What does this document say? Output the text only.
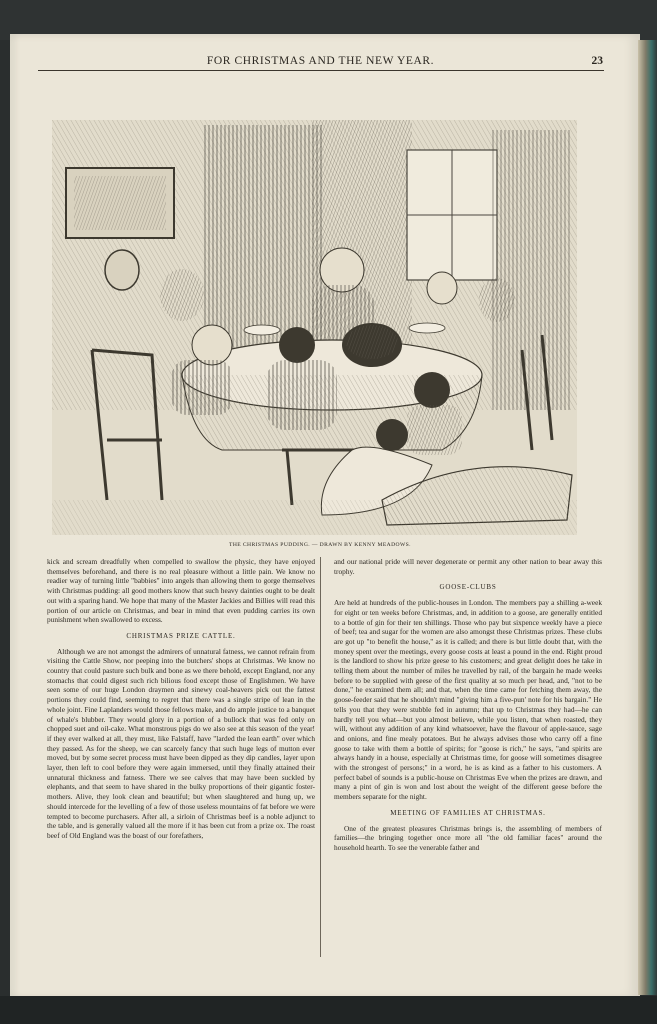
FOR CHRISTMAS AND THE NEW YEAR.	23
THE CHRISTMAS PUDDING. — DRAWN BY KENNY MEADOWS.

kick and scream dreadfully when compelled to swallow the physic, they have enjoyed themselves beforehand, and there is no real pleasure without a little pain. We know no readier way of turning little "babbies" into angels than allowing them to gorge themselves with Christmas pudding: all good mothers know that such heavy dainties ought to be dealt out with a sparing hand. We hope that many of the Master Jackies and Billies will read this portion of our article on Christmas, and bear in mind that even pudding carries its own punishment when swallowed to excess.

CHRISTMAS PRIZE CATTLE.

Although we are not amongst the admirers of unnatural fatness, we cannot refrain from visiting the Cattle Show, nor peeping into the butchers' shops at Christmas. We know no country that could pasture such bulk and bone as we there behold, except England, nor any stomachs that could digest such rich bilious food except those of Englishmen. We have seen some of our huge London draymen and sinewy coal-heavers pick out the fattest portions they could find, seeming to regret that there was a single stripe of lean in the whole joint. Fine Laplanders would those fellows make, and do ample justice to a banquet of whale's blubber. They would glory in a portion of a bullock that was fed only on chopped suet and oil-cake. What monstrous pigs do we also see at this season of the year! if they ever walked at all, they must, like Falstaff, have "larded the lean earth" over which they passed. As for the sheep, we can scarcely fancy that such huge legs of mutton ever moved, but by some secret process must have been dipped as they dip candles, layer upon layer, then left to cool before they were again immersed, until they finally attained their unnatural thickness and fatness. There we see calves that may have been suckled by elephants, and that seem to have shared in the bulky proportions of their gigantic foster-mothers. Alive, they look clean and beautiful; but when slaughtered and hung up, we should intercede for the levelling of a few of those useless mountains of fat before we were tempted to become purchasers. After all, a sirloin of Christmas beef is a noble adjunct to the table, and is generally valued all the more if it has been cut from a prize ox. The roast beef of Old England was the boast of our forefathers,

and our national pride will never degenerate or permit any other nation to bear away this trophy.

GOOSE-CLUBS

Are held at hundreds of the public-houses in London. The members pay a shilling a-week for eight or ten weeks before Christmas, and, in addition to a goose, are generally entitled to a bottle of gin for their ten shillings. Those who pay but sixpence weekly have a piece of beef; tea and sugar for the women are also amongst these Christmas prizes. These clubs are got up "to benefit the house," as it is called; and there is but little doubt that, with the money spent over the meetings, every goose costs at least a pound in the end. Right proud is the landlord to show his prize geese to his customers; and great delight does he take in telling them about the number of miles he travelled by rail, of the bargain he made weeks before to be supplied with geese of the first quality at so much per head, and, "not to be done," he examined them all; and that, when the time came for fetching them away, the goose-feeder said that he shouldn't mind "giving him a five-pun' note for his bargain." He tells you that they were stubble fed in autumn; that up to Christmas they had—he can hardly tell you what—but you almost believe, while you listen, that when roasted, they will, without any addition of any kind whatsoever, have the flavour of apple-sauce, sage and onions, and fine mealy potatoes. But he always advises those who carry off a fine goose to take with them a bottle of spirits; for "goose is rich," he says, "and spirits are always handy in a house, especially at Christmas time, for goose will sometimes disagree with the strongest of persons;" in a word, he is as kind as a father to his customers. A perfect babel of sounds is a public-house on Christmas Eve when the prizes are drawn, and many a pint of gin is won and lost about the weight of the different geese before the members separate for the night.

MEETING OF FAMILIES AT CHRISTMAS.

One of the greatest pleasures Christmas brings is, the assembling of members of families—the bringing together once more all "the old familiar faces" around the household hearth. To see the venerable father and
